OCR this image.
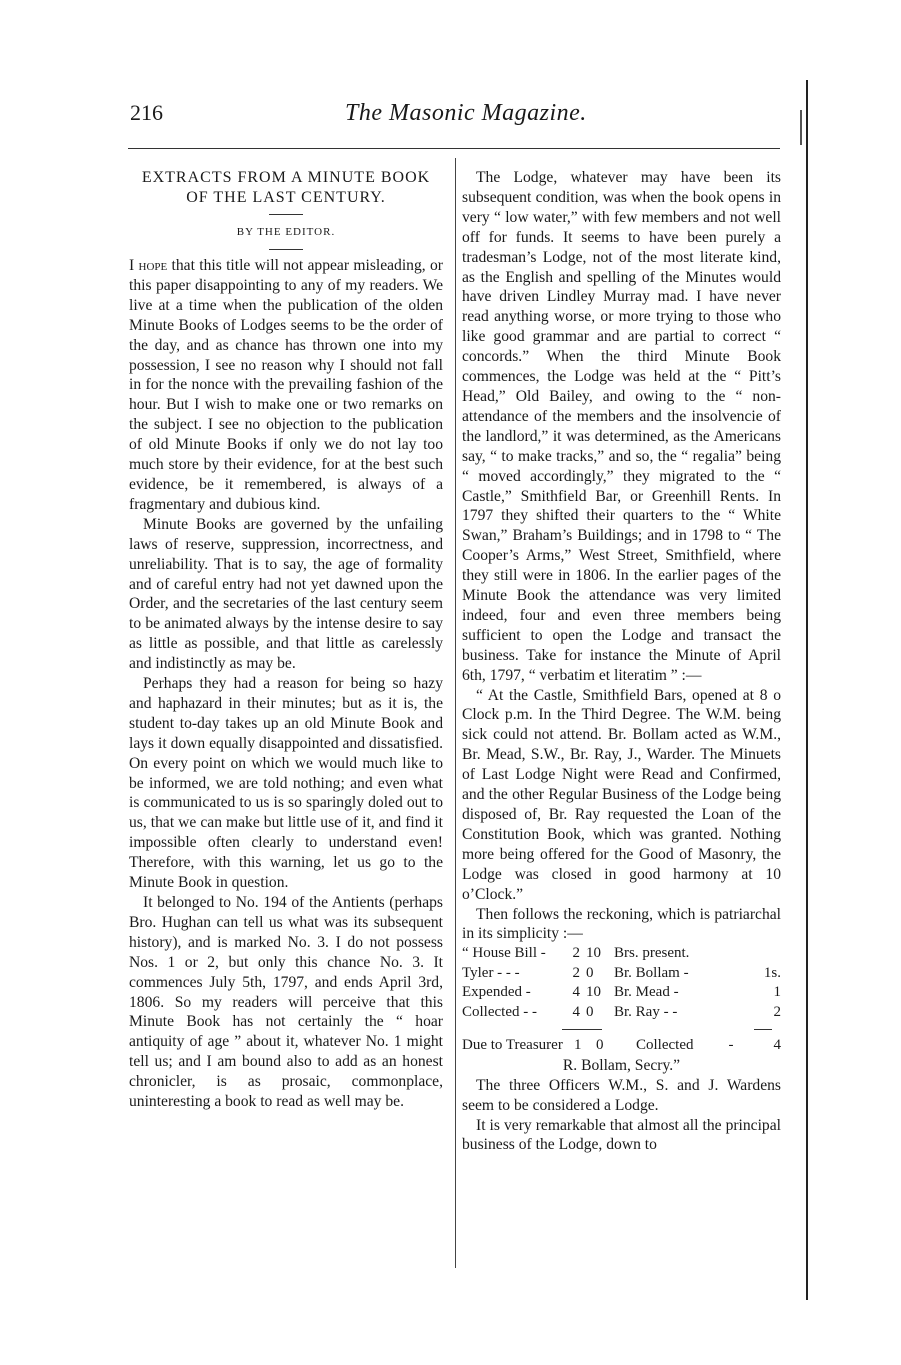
216	The Masonic Magazine.
EXTRACTS FROM A MINUTE BOOK
OF THE LAST CENTURY.
BY THE EDITOR.

I hope that this title will not appear misleading, or this paper disappointing to any of my readers. We live at a time when the publication of the olden Minute Books of Lodges seems to be the order of the day, and as chance has thrown one into my possession, I see no reason why I should not fall in for the nonce with the prevailing fashion of the hour. But I wish to make one or two remarks on the subject. I see no objection to the publication of old Minute Books if only we do not lay too much store by their evidence, for at the best such evidence, be it remembered, is always of a fragmentary and dubious kind.

Minute Books are governed by the unfailing laws of reserve, suppression, incorrectness, and unreliability. That is to say, the age of formality and of careful entry had not yet dawned upon the Order, and the secretaries of the last century seem to be animated always by the intense desire to say as little as possible, and that little as carelessly and indistinctly as may be.

Perhaps they had a reason for being so hazy and haphazard in their minutes; but as it is, the student to-day takes up an old Minute Book and lays it down equally disappointed and dissatisfied. On every point on which we would much like to be informed, we are told nothing; and even what is communicated to us is so sparingly doled out to us, that we can make but little use of it, and find it impossible often clearly to understand even! Therefore, with this warning, let us go to the Minute Book in question.

It belonged to No. 194 of the Antients (perhaps Bro. Hughan can tell us what was its subsequent history), and is marked No. 3. I do not possess Nos. 1 or 2, but only this chance No. 3. It commences July 5th, 1797, and ends April 3rd, 1806. So my readers will perceive that this Minute Book has not certainly the “ hoar antiquity of age ” about it, whatever No. 1 might tell us; and I am bound also to add as an honest chronicler, is as prosaic, commonplace, uninteresting a book to read as well may be.

The Lodge, whatever may have been its subsequent condition, was when the book opens in very “ low water,” with few members and not well off for funds. It seems to have been purely a tradesman’s Lodge, not of the most literate kind, as the English and spelling of the Minutes would have driven Lindley Murray mad. I have never read anything worse, or more trying to those who like good grammar and are partial to correct “ concords.” When the third Minute Book commences, the Lodge was held at the “ Pitt’s Head,” Old Bailey, and owing to the “ non-attendance of the members and the insolvencie of the landlord,” it was determined, as the Americans say, “ to make tracks,” and so, the “ regalia” being “ moved accordingly,” they migrated to the “ Castle,” Smithfield Bar, or Greenhill Rents. In 1797 they shifted their quarters to the “ White Swan,” Braham’s Buildings; and in 1798 to “ The Cooper’s Arms,” West Street, Smithfield, where they still were in 1806. In the earlier pages of the Minute Book the attendance was very limited indeed, four and even three members being sufficient to open the Lodge and transact the business. Take for instance the Minute of April 6th, 1797, “ verbatim et literatim ” :—

“ At the Castle, Smithfield Bars, opened at 8 o Clock p.m. In the Third Degree. The W.M. being sick could not attend. Br. Bollam acted as W.M., Br. Mead, S.W., Br. Ray, J., Warder. The Minuets of Last Lodge Night were Read and Confirmed, and the other Regular Business of the Lodge being disposed of, Br. Ray requested the Loan of the Constitution Book, which was granted. Nothing more being offered for the Good of Masonry, the Lodge was closed in good harmony at 10 o’Clock.”

Then follows the reckoning, which is patriarchal in its simplicity :—

“ House Bill -	2	10	Brs. present.	
Tyler - - -	2	0	Br. Bollam -	1s.
Expended -	4	10	Br. Mead -	1
Collected - -	4	0	Br. Ray - -	2
Due to Treasurer	1	0	Collected	-	4
R. Bollam, Secry.”

The three Officers W.M., S. and J. Wardens seem to be considered a Lodge.

It is very remarkable that almost all the principal business of the Lodge, down to
